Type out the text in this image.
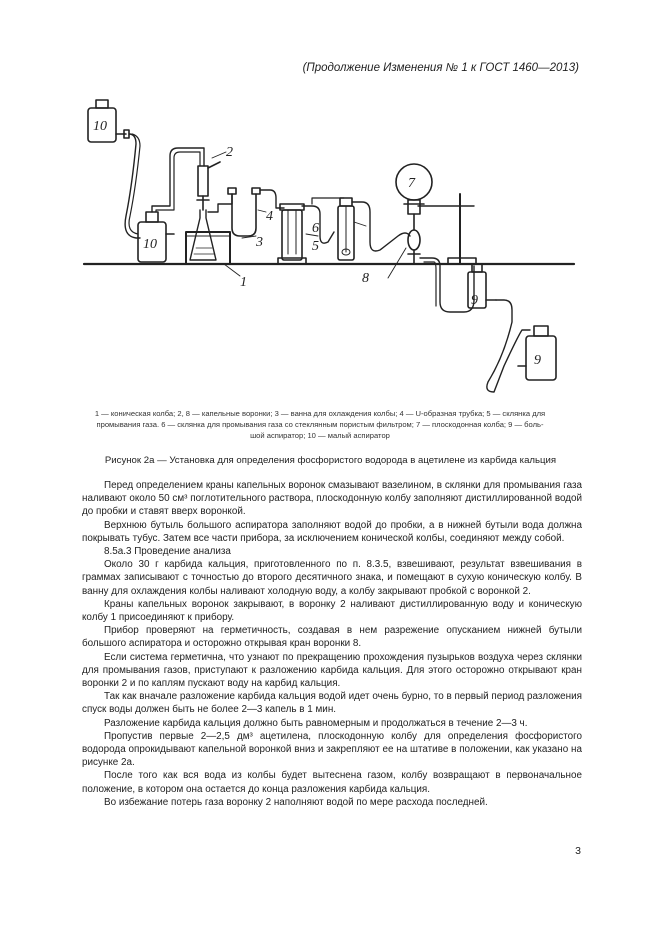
(Продолжение Изменения № 1 к ГОСТ 1460—2013)
10
10
2
4
3
1
6
5
7
8
9
9
1 — коническая колба; 2, 8 — капельные воронки; 3 — ванна для охлаждения колбы; 4 — U-образная трубка; 5 — склянка для
промывания газа. 6 — склянка для промывания газа со стеклянным пористым фильтром; 7 — плоскодонная колба; 9 — боль-
шой аспиратор; 10 — малый аспиратор
Рисунок 2а — Установка для определения фосфористого водорода в ацетилене из карбида кальция

Перед определением краны капельных воронок смазывают вазелином, в склянки для промывания газа наливают около 50 см³ поглотительного раствора, плоскодонную колбу заполняют дистиллированной водой до пробки и ставят вверх воронкой.

Верхнюю бутыль большого аспиратора заполняют водой до пробки, а в нижней бутыли вода должна покрывать тубус. Затем все части прибора, за исключением конической колбы, соединяют между собой.

8.5а.3 Проведение анализа

Около 30 г карбида кальция, приготовленного по п. 8.3.5, взвешивают, результат взвешивания в граммах записывают с точностью до второго десятичного знака, и помещают в сухую коническую колбу. В ванну для охлаждения колбы наливают холодную воду, а колбу закрывают пробкой с воронкой 2.

Краны капельных воронок закрывают, в воронку 2 наливают дистиллированную воду и коническую колбу 1 присоединяют к прибору.

Прибор проверяют на герметичность, создавая в нем разрежение опусканием нижней бутыли большого аспиратора и осторожно открывая кран воронки 8.

Если система герметична, что узнают по прекращению прохождения пузырьков воздуха через склянки для промывания газов, приступают к разложению карбида кальция. Для этого осторожно открывают кран воронки 2 и по каплям пускают воду на карбид кальция.

Так как вначале разложение карбида кальция водой идет очень бурно, то в первый период разложения спуск воды должен быть не более 2—3 капель в 1 мин.

Разложение карбида кальция должно быть равномерным и продолжаться в течение 2—3 ч.

Пропустив первые 2—2,5 дм³ ацетилена, плоскодонную колбу для определения фосфористого водорода опрокидывают капельной воронкой вниз и закрепляют ее на штативе в положении, как указано на рисунке 2а.

После того как вся вода из колбы будет вытеснена газом, колбу возвращают в первоначальное положение, в котором она остается до конца разложения карбида кальция.

Во избежание потерь газа воронку 2 наполняют водой по мере расхода последней.

3
